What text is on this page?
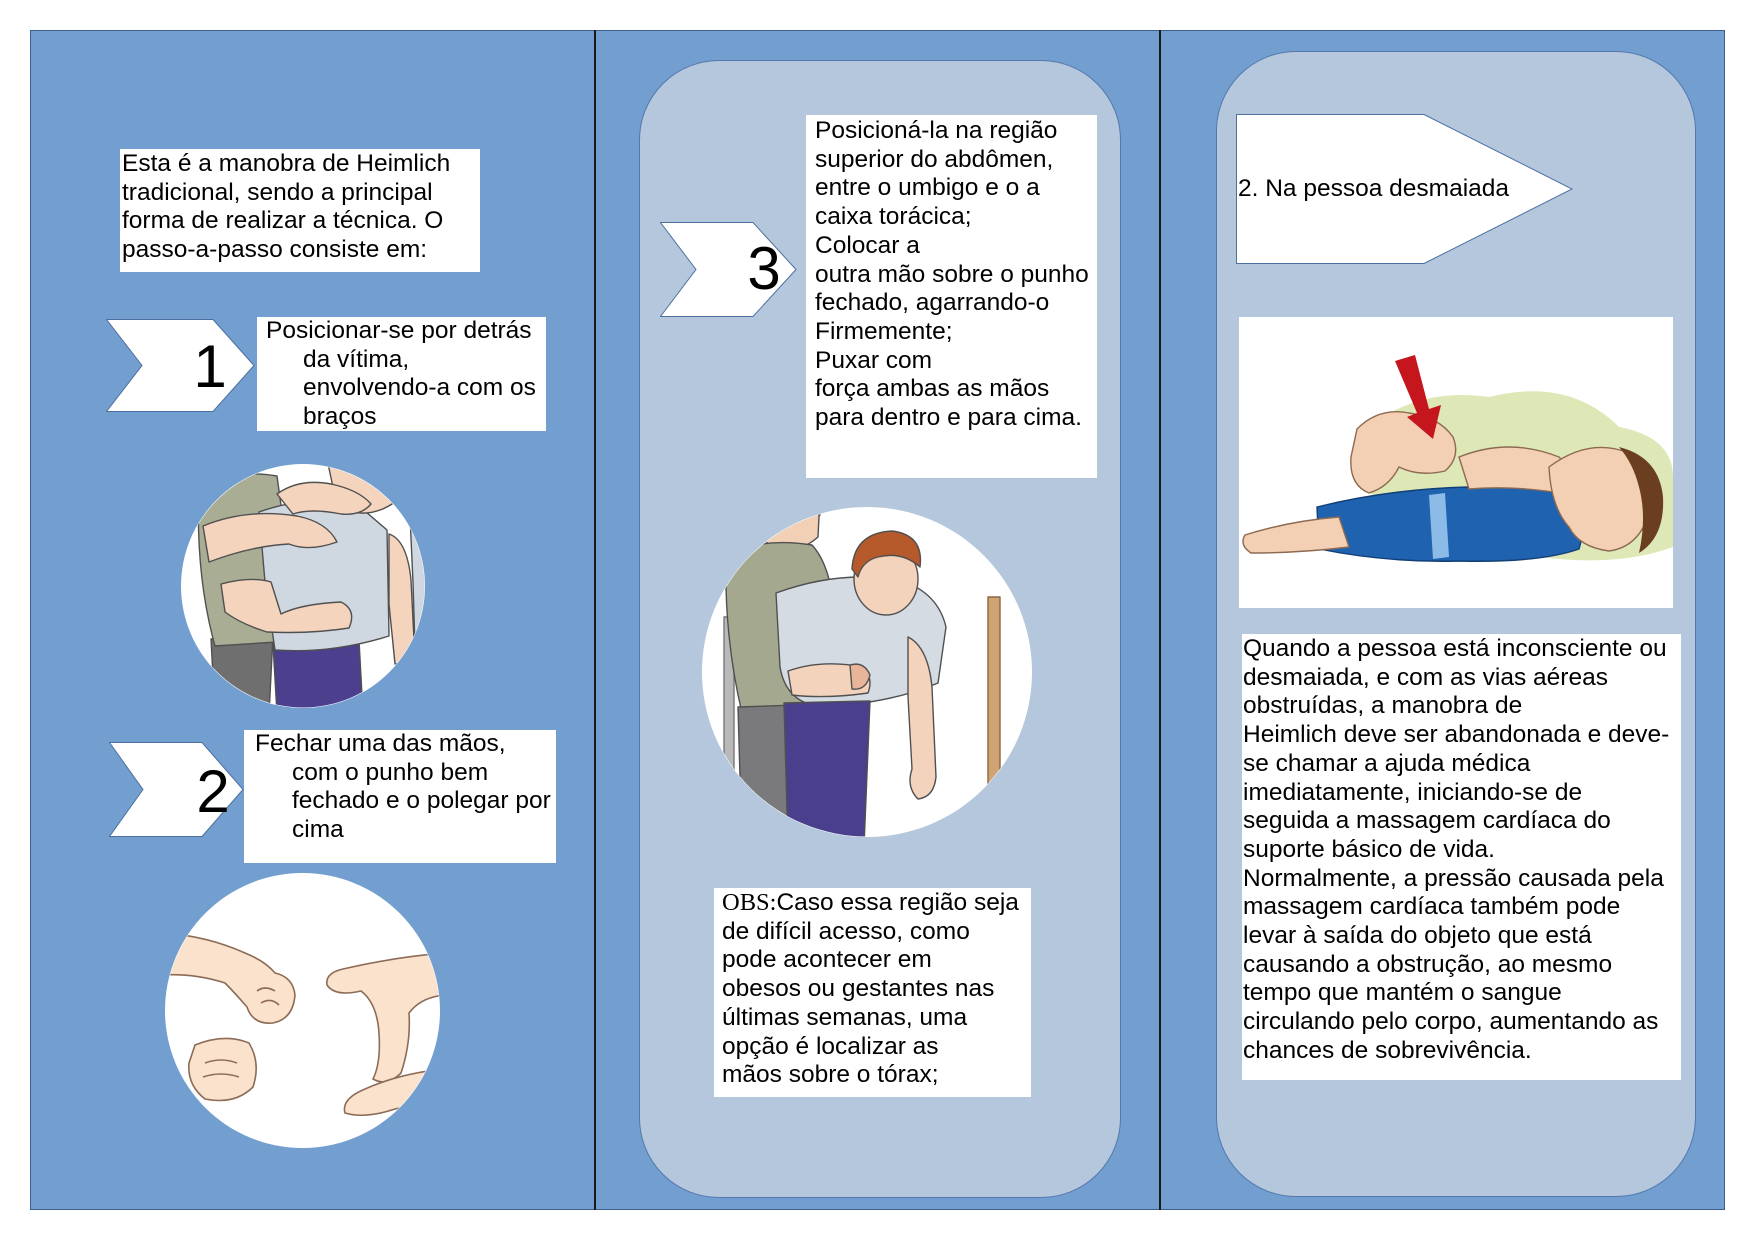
Esta é a manobra de Heimlich
tradicional, sendo a principal
forma de realizar a técnica. O
passo-a-passo consiste em:
1
Posicionar-se por detrás
da vítima,
envolvendo-a com os
braços
2
Fechar uma das mãos,
com o punho bem
fechado e o polegar por
cima
3
Posicioná-la na região
superior do abdômen,
entre o umbigo e o a
caixa torácica;
Colocar a
outra mão sobre o punho
fechado, agarrando-o
Firmemente;
Puxar com
força ambas as mãos
para dentro e para cima.
OBS:Caso essa região seja
de difícil acesso, como
pode acontecer em
obesos ou gestantes nas
últimas semanas, uma
opção é localizar as
mãos sobre o tórax;
2. Na pessoa desmaiada
Quando a pessoa está inconsciente ou
desmaiada, e com as vias aéreas
obstruídas, a manobra de
Heimlich deve ser abandonada e deve-
se chamar a ajuda médica
imediatamente, iniciando-se de
seguida a massagem cardíaca do
suporte básico de vida.
Normalmente, a pressão causada pela
massagem cardíaca também pode
levar à saída do objeto que está
causando a obstrução, ao mesmo
tempo que mantém o sangue
circulando pelo corpo, aumentando as
chances de sobrevivência.
